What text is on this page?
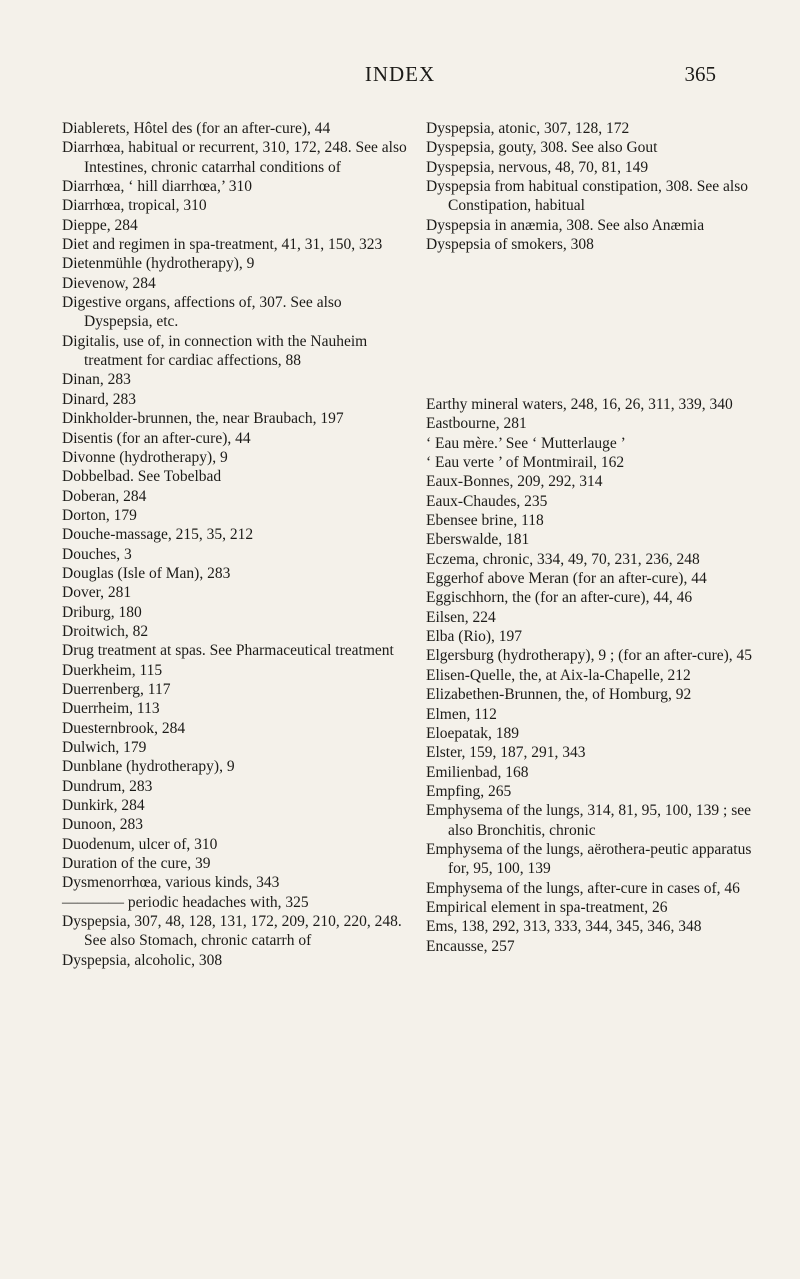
INDEX	365

Diablerets, Hôtel des (for an after-cure), 44

Diarrhœa, habitual or recurrent, 310, 172, 248. See also Intestines, chronic catarrhal conditions of

Diarrhœa, ‘ hill diarrhœa,’ 310

Diarrhœa, tropical, 310

Dieppe, 284

Diet and regimen in spa-treatment, 41, 31, 150, 323

Dietenmühle (hydrotherapy), 9

Dievenow, 284

Digestive organs, affections of, 307. See also Dyspepsia, etc.

Digitalis, use of, in connection with the Nauheim treatment for cardiac affections, 88

Dinan, 283

Dinard, 283

Dinkholder-brunnen, the, near Braubach, 197

Disentis (for an after-cure), 44

Divonne (hydrotherapy), 9

Dobbelbad. See Tobelbad

Doberan, 284

Dorton, 179

Douche-massage, 215, 35, 212

Douches, 3

Douglas (Isle of Man), 283

Dover, 281

Driburg, 180

Droitwich, 82

Drug treatment at spas. See Pharmaceutical treatment

Duerkheim, 115

Duerrenberg, 117

Duerrheim, 113

Duesternbrook, 284

Dulwich, 179

Dunblane (hydrotherapy), 9

Dundrum, 283

Dunkirk, 284

Dunoon, 283

Duodenum, ulcer of, 310

Duration of the cure, 39

Dysmenorrhœa, various kinds, 343

———— periodic headaches with, 325

Dyspepsia, 307, 48, 128, 131, 172, 209, 210, 220, 248. See also Stomach, chronic catarrh of

Dyspepsia, alcoholic, 308

Dyspepsia, atonic, 307, 128, 172

Dyspepsia, gouty, 308. See also Gout

Dyspepsia, nervous, 48, 70, 81, 149

Dyspepsia from habitual constipation, 308. See also Constipation, habitual

Dyspepsia in anæmia, 308. See also Anæmia

Dyspepsia of smokers, 308

Earthy mineral waters, 248, 16, 26, 311, 339, 340

Eastbourne, 281

‘ Eau mère.’ See ‘ Mutterlauge ’

‘ Eau verte ’ of Montmirail, 162

Eaux-Bonnes, 209, 292, 314

Eaux-Chaudes, 235

Ebensee brine, 118

Eberswalde, 181

Eczema, chronic, 334, 49, 70, 231, 236, 248

Eggerhof above Meran (for an after-cure), 44

Eggischhorn, the (for an after-cure), 44, 46

Eilsen, 224

Elba (Rio), 197

Elgersburg (hydrotherapy), 9 ; (for an after-cure), 45

Elisen-Quelle, the, at Aix-la-Chapelle, 212

Elizabethen-Brunnen, the, of Homburg, 92

Elmen, 112

Eloepatak, 189

Elster, 159, 187, 291, 343

Emilienbad, 168

Empfing, 265

Emphysema of the lungs, 314, 81, 95, 100, 139 ; see also Bronchitis, chronic

Emphysema of the lungs, aërothera-peutic apparatus for, 95, 100, 139

Emphysema of the lungs, after-cure in cases of, 46

Empirical element in spa-treatment, 26

Ems, 138, 292, 313, 333, 344, 345, 346, 348

Encausse, 257
